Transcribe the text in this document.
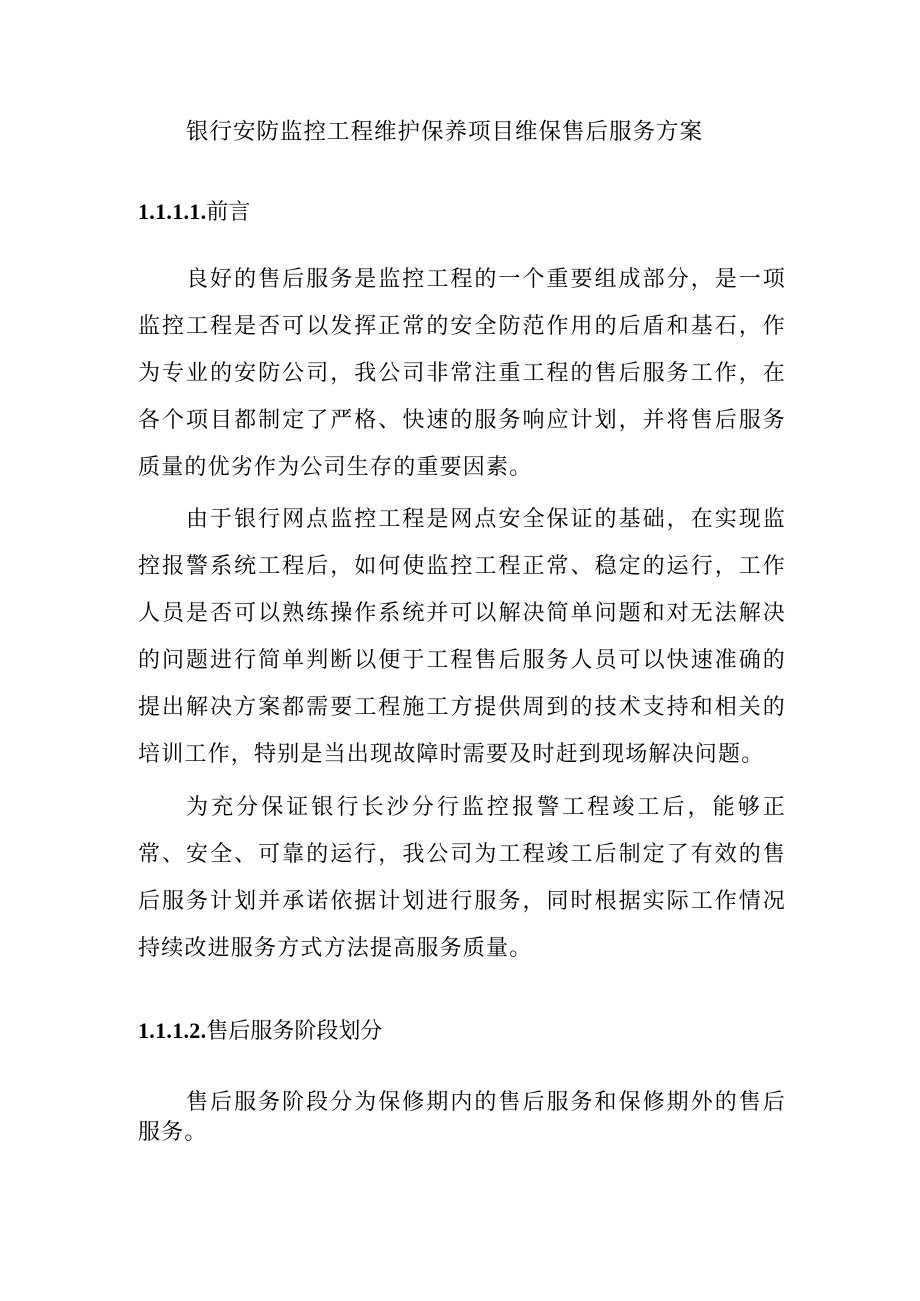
银行安防监控工程维护保养项目维保售后服务方案
1.1.1.1.前言

良好的售后服务是监控工程的一个重要组成部分，是一项监控工程是否可以发挥正常的安全防范作用的后盾和基石，作为专业的安防公司，我公司非常注重工程的售后服务工作，在各个项目都制定了严格、快速的服务响应计划，并将售后服务质量的优劣作为公司生存的重要因素。

由于银行网点监控工程是网点安全保证的基础，在实现监控报警系统工程后，如何使监控工程正常、稳定的运行，工作人员是否可以熟练操作系统并可以解决简单问题和对无法解决的问题进行简单判断以便于工程售后服务人员可以快速准确的提出解决方案都需要工程施工方提供周到的技术支持和相关的培训工作，特别是当出现故障时需要及时赶到现场解决问题。

为充分保证银行长沙分行监控报警工程竣工后，能够正常、安全、可靠的运行，我公司为工程竣工后制定了有效的售后服务计划并承诺依据计划进行服务，同时根据实际工作情况持续改进服务方式方法提高服务质量。

1.1.1.2.售后服务阶段划分

售后服务阶段分为保修期内的售后服务和保修期外的售后服务。
